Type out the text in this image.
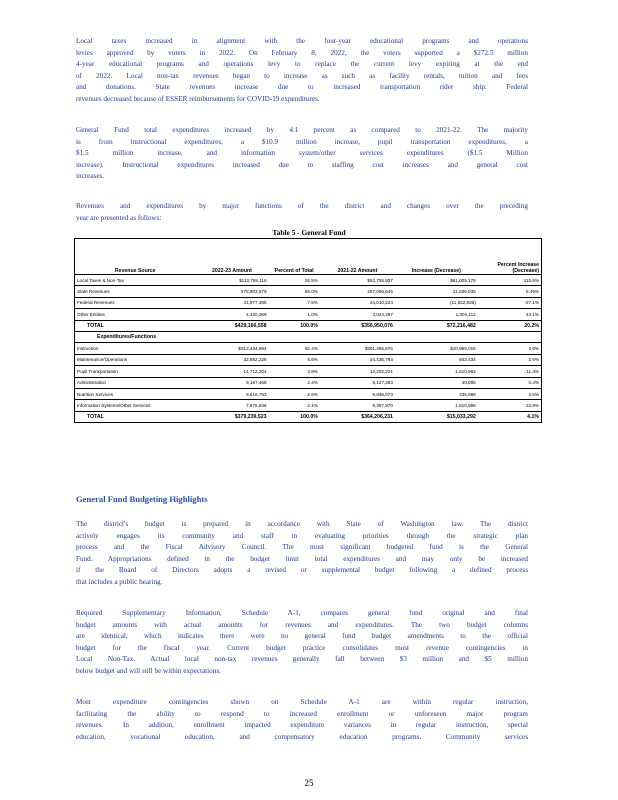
Local taxes increased in alignment with the four-year educational programs and operations
levies approved by voters in 2022. On February 8, 2022, the voters supported a $272.5 million
4-year educational programs and operations levy to replace the current levy expiring at the end
of 2022. Local non-tax revenues began to increase as such as facility rentals, tuition and fees
and donations. State revenues increase due to increased transportation rider ship. Federal
revenues decreased because of ESSER reimbursements for COVID-19 expenditures.
General Fund total expenditures increased by 4.1 percent as compared to 2021-22. The majority
is from instructional expenditures, a $10.9 million increase, pupil transportation expenditures, a
$1.5 million increase, and information system/other services expenditures ($1.5 Million
increase). Instructional expenditures increased due to staffing cost increases and general cost
increases.
Revenues and expenditures by major functions of the district and changes over the preceding
year are presented as follows:
Table 5 - General Fund
Revenue Source	2022-23 Amount	Percent of Total	2021-22 Amount	Increase (Decrease)	Percent Increase (Decrease)
Local Taxes & Non-Tax	$113,765,116	26.5%	$52,755,937	$61,009,179	115.6%
State Revenues	278,803,679	65.0%	257,066,645	21,836,035	8.49%
Federal Revenues	31,977,385	7.5%	44,010,224	(11,932,839)	-27.1%
Other Entities	4,320,369	1.0%	3,024,257	1,304,112	43.1%
TOTAL	$429,166,558	100.0%	$356,950,076	$72,216,482	20.2%
Expenditures/Functions					
Instruction	$312,434,694	82.4%	$301,465,676	$10,969,016	3.6%
Maintenance/Operations	32,882,228	8.6%	24,436,794	843,434	2.6%
Pupil Transportation	14,712,204	3.9%	13,202,221	1,510,983	11.4%
Administration	9,167,468	2.4%	9,127,383	40,085	0.4%
Nutrition Services	9,816,753	2.6%	9,836,673	335,689	3.5%
Information Systems/Other Services	7,875,836	2.1%	6,357,970	1,510,866	23.8%
TOTAL	$379,239,523	100.0%	$364,206,231	$15,033,292	4.1%
General Fund Budgeting Highlights
The district's budget is prepared in accordance with State of Washington law. The district
actively engages its community and staff in evaluating priorities through the strategic plan
process and the Fiscal Advisory Council. The most significant budgeted fund is the General
Fund. Appropriations defined in the budget limit total expenditures and may only be increased
if the Board of Directors adopts a revised or supplemental budget following a defined process
that includes a public hearing.
Required Supplementary Information, Schedule A-1, compares general fund original and final
budget amounts with actual amounts for revenues and expenditures. The two budget columns
are identical, which indicates there were no general fund budget amendments to the official
budget for the fiscal year. Current budget practice consolidates most revenue contingencies in
Local Non-Tax. Actual local non-tax revenues generally fall between $3 million and $5 million
below budget and will still be within expectations.
Most expenditure contingencies shown on Schedule A-1 are within regular instruction,
facilitating the ability to respond to increased enrollment or unforeseen major program
revenues. In addition, enrollment impacted expenditure variances in regular instruction, special
education, vocational education, and compensatory education programs. Community services
25
